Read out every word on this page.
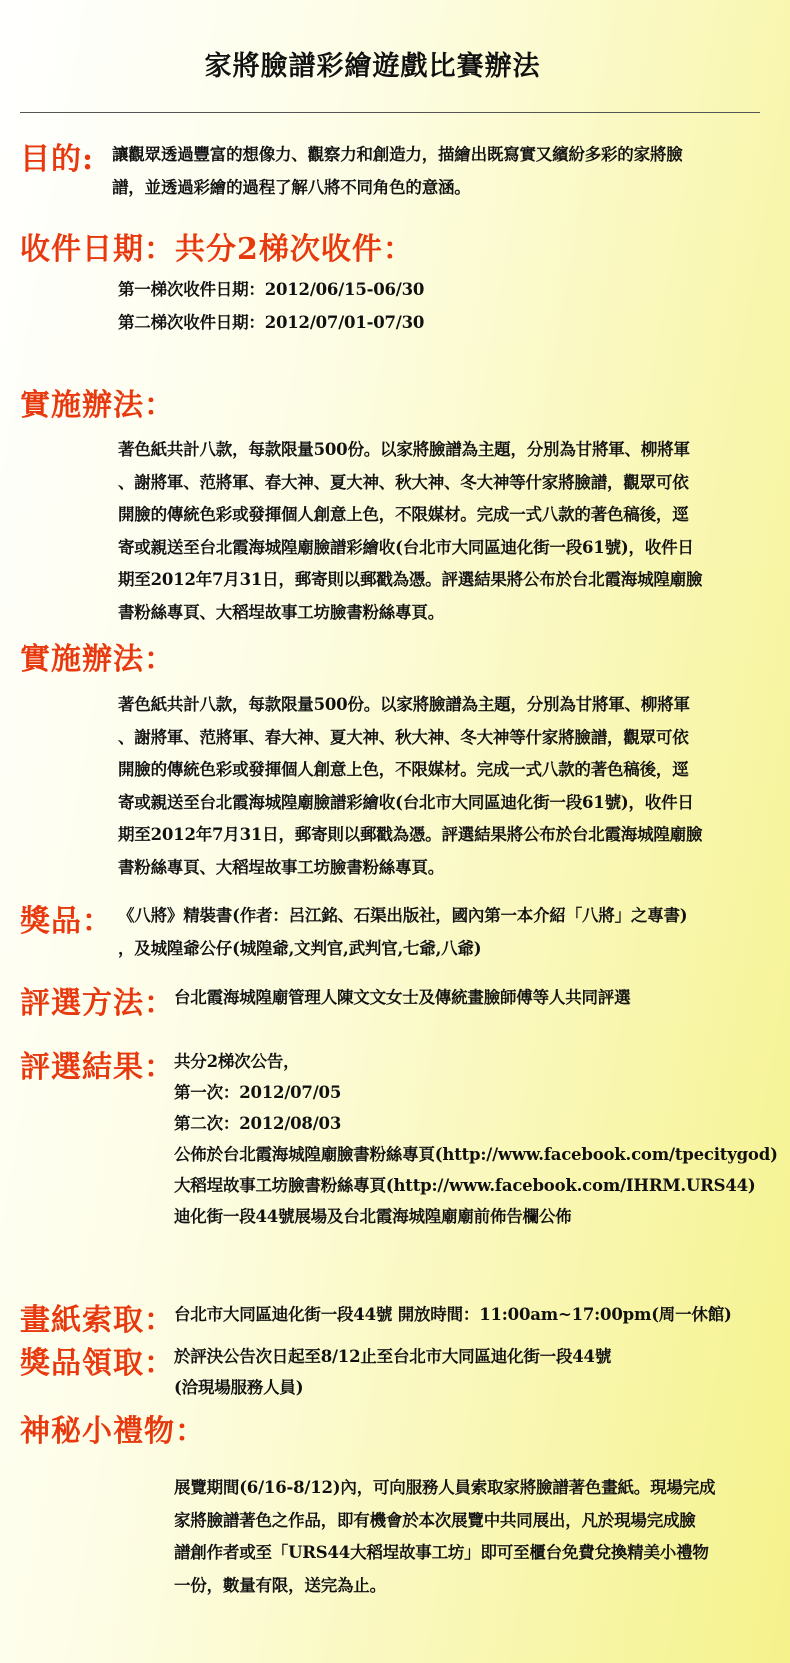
家將臉譜彩繪遊戲比賽辦法
目的: 讓觀眾透過豐富的想像力、觀察力和創造力，描繪出既寫實又繽紛多彩的家將臉
譜，並透過彩繪的過程了解八將不同角色的意涵。
收件日期：共分2梯次收件：
第一梯次收件日期：2012/06/15-06/30
第二梯次收件日期：2012/07/01-07/30
實施辦法：
著色紙共計八款，每款限量500份。以家將臉譜為主題，分別為甘將軍、柳將軍
、謝將軍、范將軍、春大神、夏大神、秋大神、冬大神等什家將臉譜，觀眾可依
開臉的傳統色彩或發揮個人創意上色，不限媒材。完成一式八款的著色稿後，逕
寄或親送至台北霞海城隍廟臉譜彩繪收(台北市大同區迪化街一段61號)，收件日
期至2012年7月31日，郵寄則以郵戳為憑。評選結果將公布於台北霞海城隍廟臉
書粉絲專頁、大稻埕故事工坊臉書粉絲專頁。
實施辦法：
著色紙共計八款，每款限量500份。以家將臉譜為主題，分別為甘將軍、柳將軍
、謝將軍、范將軍、春大神、夏大神、秋大神、冬大神等什家將臉譜，觀眾可依
開臉的傳統色彩或發揮個人創意上色，不限媒材。完成一式八款的著色稿後，逕
寄或親送至台北霞海城隍廟臉譜彩繪收(台北市大同區迪化街一段61號)，收件日
期至2012年7月31日，郵寄則以郵戳為憑。評選結果將公布於台北霞海城隍廟臉
書粉絲專頁、大稻埕故事工坊臉書粉絲專頁。
獎品： 《八將》精裝書(作者：呂江銘、石渠出版社，國內第一本介紹「八將」之專書)
，及城隍爺公仔(城隍爺,文判官,武判官,七爺,八爺)
評選方法： 台北霞海城隍廟管理人陳文文女士及傳統畫臉師傅等人共同評選
評選結果： 共分2梯次公告，
第一次：2012/07/05
第二次：2012/08/03
公佈於台北霞海城隍廟臉書粉絲專頁(http://www.facebook.com/tpecitygod)
大稻埕故事工坊臉書粉絲專頁(http://www.facebook.com/IHRM.URS44)
迪化街一段44號展場及台北霞海城隍廟廟前佈告欄公佈
畫紙索取： 台北市大同區迪化街一段44號 開放時間：11:00am~17:00pm(周一休館)
獎品領取： 於評決公告次日起至8/12止至台北市大同區迪化街一段44號
(洽現場服務人員)
神秘小禮物：
展覽期間(6/16-8/12)內，可向服務人員索取家將臉譜著色畫紙。現場完成
家將臉譜著色之作品，即有機會於本次展覽中共同展出，凡於現場完成臉
譜創作者或至「URS44大稻埕故事工坊」即可至櫃台免費兌換精美小禮物
一份，數量有限，送完為止。
